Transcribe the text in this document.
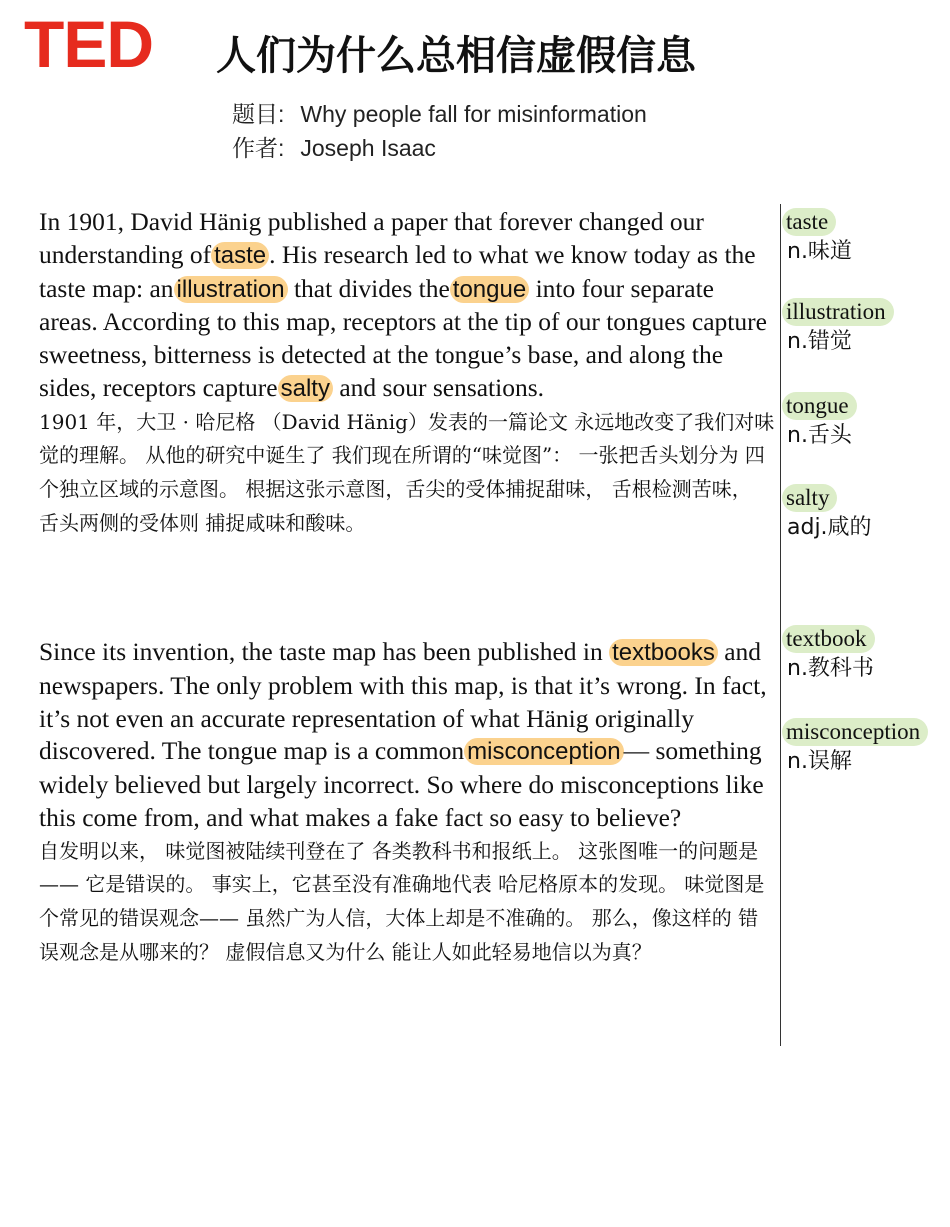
TED 人们为什么总相信虚假信息
题目: Why people fall for misinformation
作者: Joseph Isaac

In 1901, David Hänig published a paper that forever changed our understanding of taste . His research led to what we know today as the taste map: an illustration that divides the tongue into four separate areas. According to this map, receptors at the tip of our tongues capture sweetness, bitterness is detected at the tongue’s base, and along the sides, receptors capture salty and sour sensations.

1901 年，大卫 · 哈尼格 （David Hänig）发表的一篇论文 永远地改变了我们对味觉的理解。 从他的研究中诞生了 我们现在所谓的“味觉图”： 一张把舌头划分为 四个独立区域的示意图。 根据这张示意图，舌尖的受体捕捉甜味， 舌根检测苦味， 舌头两侧的受体则 捕捉咸味和酸味。

Since its invention, the taste map has been published in textbooks and newspapers. The only problem with this map, is that it’s wrong. In fact, it’s not even an accurate representation of what Hänig originally discovered. The tongue map is a common misconception — something widely believed but largely incorrect. So where do misconceptions like this come from, and what makes a fake fact so easy to believe?

自发明以来， 味觉图被陆续刊登在了 各类教科书和报纸上。 这张图唯一的问题是—— 它是错误的。 事实上，它甚至没有准确地代表 哈尼格原本的发现。 味觉图是个常见的错误观念—— 虽然广为人信，大体上却是不准确的。 那么，像这样的 错误观念是从哪来的？ 虚假信息又为什么 能让人如此轻易地信以为真？

taste
n.味道
illustration
n.错觉
tongue
n.舌头
salty
adj.咸的
textbook
n.教科书
misconception
n.误解
